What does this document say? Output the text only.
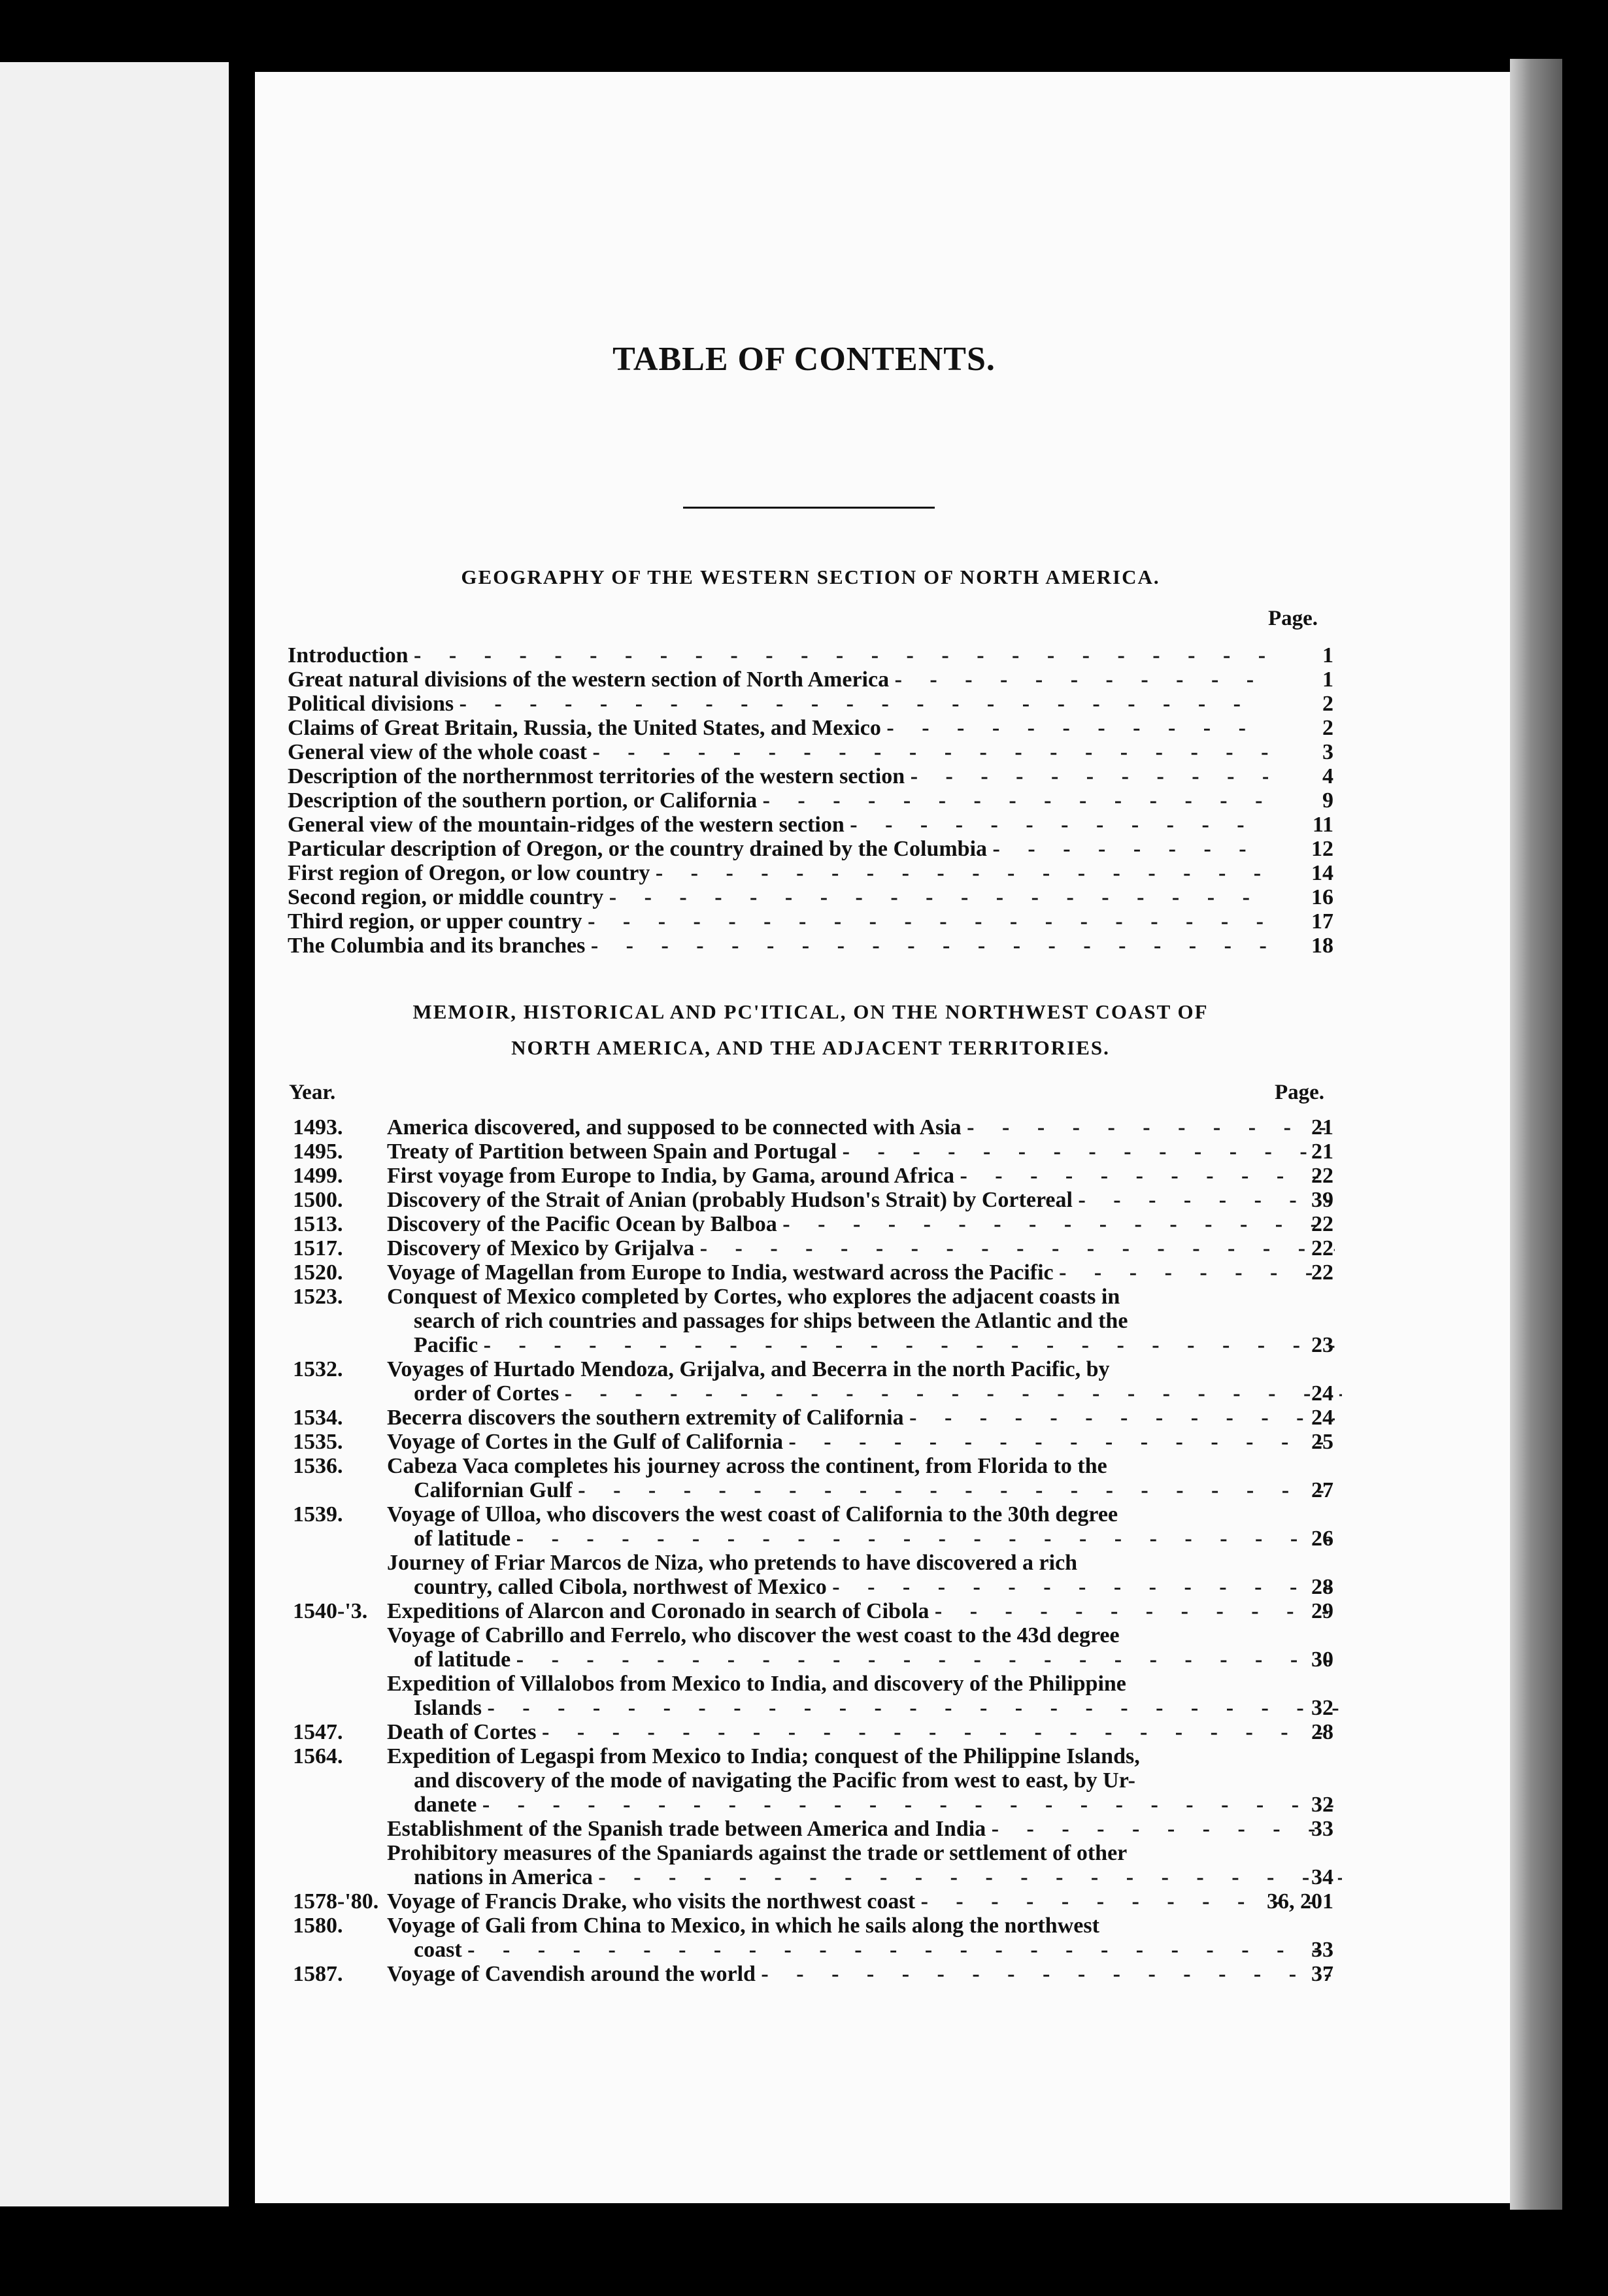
TABLE OF CONTENTS.
GEOGRAPHY OF THE WESTERN SECTION OF NORTH AMERICA.
Page.
Introduction -	1
Great natural divisions of the western section of North America -	1
Political divisions -	2
Claims of Great Britain, Russia, the United States, and Mexico -	2
General view of the whole coast -	3
Description of the northernmost territories of the western section -	4
Description of the southern portion, or California -	9
General view of the mountain-ridges of the western section -	11
Particular description of Oregon, or the country drained by the Columbia -	12
First region of Oregon, or low country -	14
Second region, or middle country -	16
Third region, or upper country -	17
The Columbia and its branches -	18
MEMOIR, HISTORICAL AND PC'ITICAL, ON THE NORTHWEST COAST OF
NORTH AMERICA, AND THE ADJACENT TERRITORIES.
Year.	Page.
1493.	America discovered, and supposed to be connected with Asia -	21
1495.	Treaty of Partition between Spain and Portugal -	21
1499.	First voyage from Europe to India, by Gama, around Africa -	22
1500.	Discovery of the Strait of Anian (probably Hudson's Strait) by Cortereal -	39
1513.	Discovery of the Pacific Ocean by Balboa -	22
1517.	Discovery of Mexico by Grijalva -	22
1520.	Voyage of Magellan from Europe to India, westward across the Pacific -	22
1523.	Conquest of Mexico completed by Cortes, who explores the adjacent coasts in
search of rich countries and passages for ships between the Atlantic and the
Pacific -	23
1532.	Voyages of Hurtado Mendoza, Grijalva, and Becerra in the north Pacific, by
order of Cortes -	24
1534.	Becerra discovers the southern extremity of California -	24
1535.	Voyage of Cortes in the Gulf of California -	25
1536.	Cabeza Vaca completes his journey across the continent, from Florida to the
Californian Gulf -	27
1539.	Voyage of Ulloa, who discovers the west coast of California to the 30th degree
of latitude -	26
Journey of Friar Marcos de Niza, who pretends to have discovered a rich
country, called Cibola, northwest of Mexico -	28
1540-'3. Expeditions of Alarcon and Coronado in search of Cibola -	29
Voyage of Cabrillo and Ferrelo, who discover the west coast to the 43d degree
of latitude -	30
Expedition of Villalobos from Mexico to India, and discovery of the Philippine
Islands -	32
1547.	Death of Cortes -	28
1564.	Expedition of Legaspi from Mexico to India; conquest of the Philippine Islands,
and discovery of the mode of navigating the Pacific from west to east, by Ur-
danete -	32
Establishment of the Spanish trade between America and India -	33
Prohibitory measures of the Spaniards against the trade or settlement of other
nations in America -	34
1578-'80. Voyage of Francis Drake, who visits the northwest coast -	36, 201
1580.	Voyage of Gali from China to Mexico, in which he sails along the northwest
coast -	33
1587.	Voyage of Cavendish around the world -	37
